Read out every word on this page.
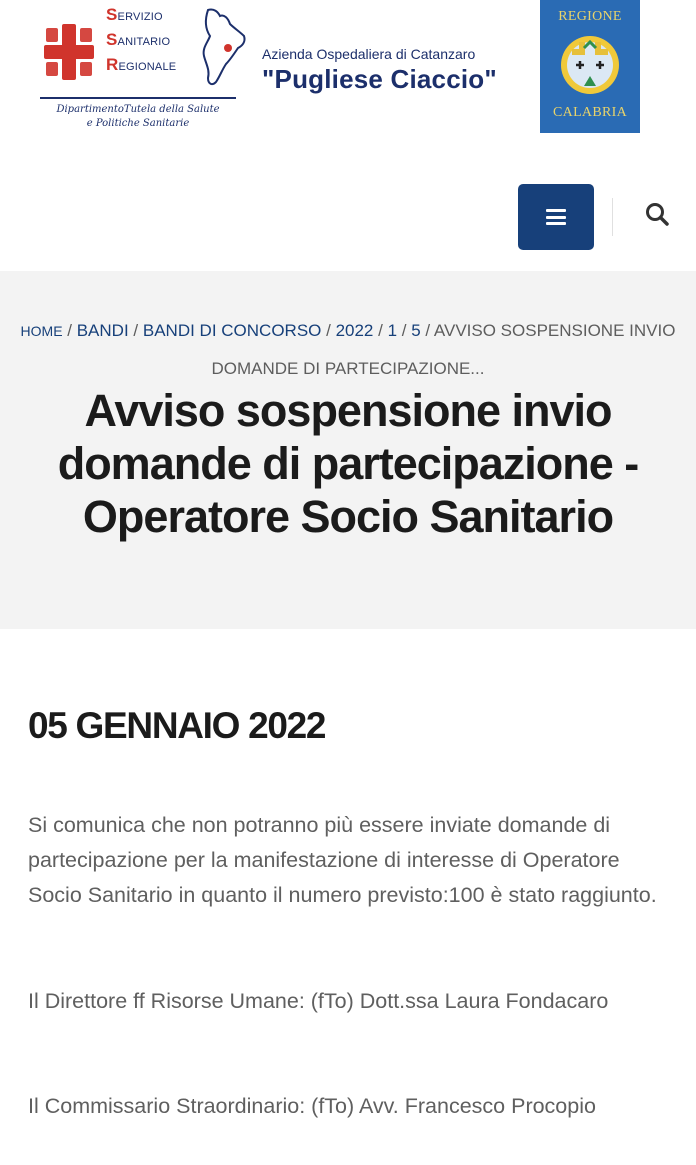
SERVIZIO
SANITARIO
REGIONALE
DipartimentoTutela della Salute
e Politiche Sanitarie
Azienda Ospedaliera di Catanzaro
"Pugliese Ciaccio"
REGIONE
CALABRIA
HOME / BANDI / BANDI DI CONCORSO / 2022 / 1 / 5 / AVVISO SOSPENSIONE INVIO DOMANDE DI PARTECIPAZIONE...
Avviso sospensione invio domande di partecipazione - Operatore Socio Sanitario
05 GENNAIO 2022

Si comunica che non potranno più essere inviate domande di partecipazione per la manifestazione di interesse di Operatore Socio Sanitario in quanto il numero previsto:100 è stato raggiunto.

Il Direttore ff Risorse Umane: (fTo) Dott.ssa Laura Fondacaro

Il Commissario Straordinario: (fTo) Avv. Francesco Procopio
